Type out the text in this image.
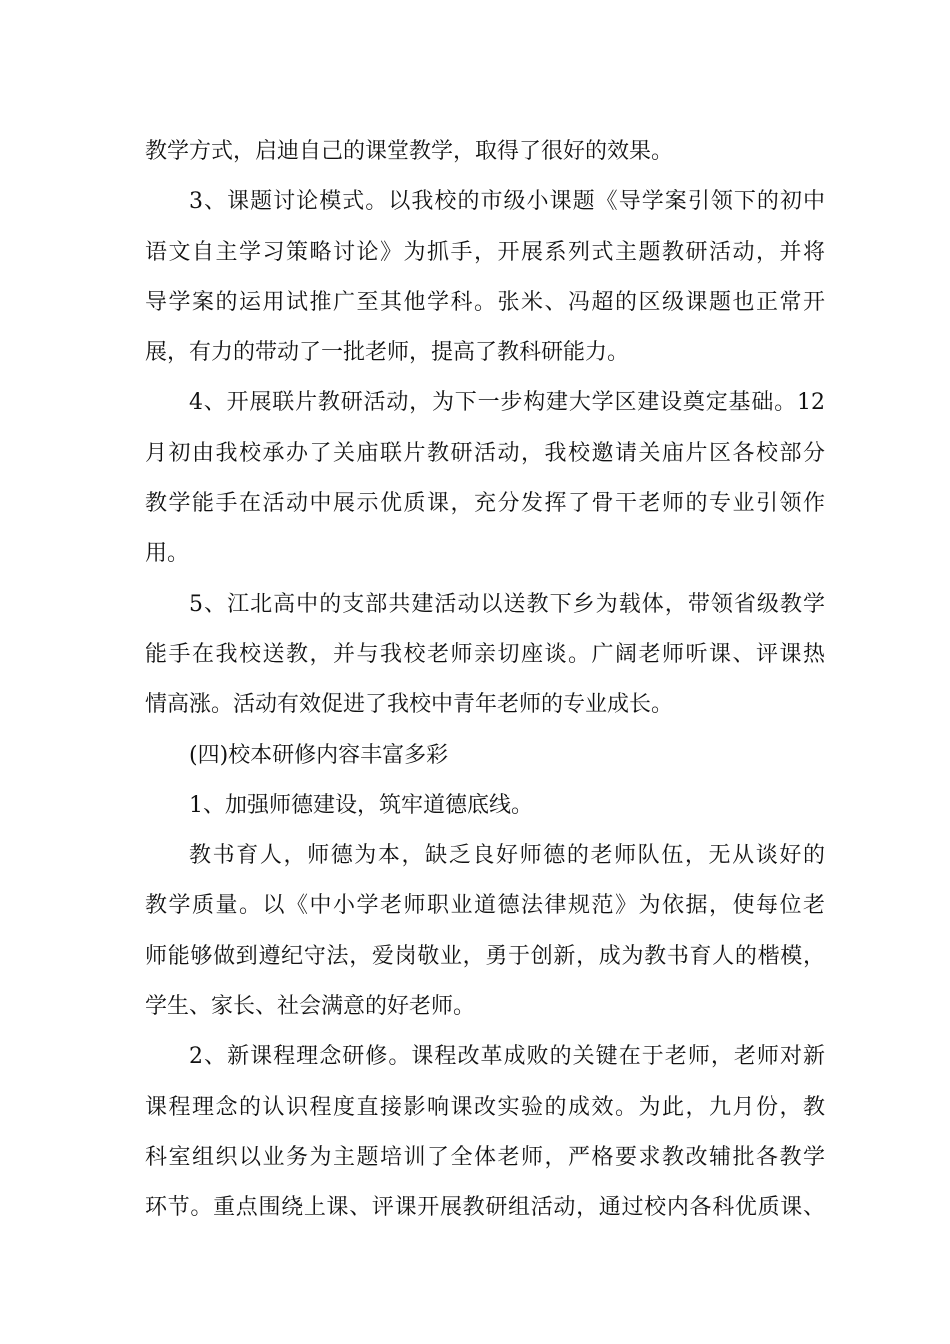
教学方式，启迪自己的课堂教学，取得了很好的效果。
3、课题讨论模式。以我校的市级小课题《导学案引领下的初中
语文自主学习策略讨论》为抓手，开展系列式主题教研活动，并将
导学案的运用试推广至其他学科。张米、冯超的区级课题也正常开
展，有力的带动了一批老师，提高了教科研能力。
4、开展联片教研活动，为下一步构建大学区建设奠定基础。12
月初由我校承办了关庙联片教研活动，我校邀请关庙片区各校部分
教学能手在活动中展示优质课，充分发挥了骨干老师的专业引领作
用。
5、江北高中的支部共建活动以送教下乡为载体，带领省级教学
能手在我校送教，并与我校老师亲切座谈。广阔老师听课、评课热
情高涨。活动有效促进了我校中青年老师的专业成长。
(四)校本研修内容丰富多彩
1、加强师德建设，筑牢道德底线。
教书育人，师德为本，缺乏良好师德的老师队伍，无从谈好的
教学质量。以《中小学老师职业道德法律规范》为依据，使每位老
师能够做到遵纪守法，爱岗敬业，勇于创新，成为教书育人的楷模，
学生、家长、社会满意的好老师。
2、新课程理念研修。课程改革成败的关键在于老师，老师对新
课程理念的认识程度直接影响课改实验的成效。为此，九月份，教
科室组织以业务为主题培训了全体老师，严格要求教改辅批各教学
环节。重点围绕上课、评课开展教研组活动，通过校内各科优质课、
